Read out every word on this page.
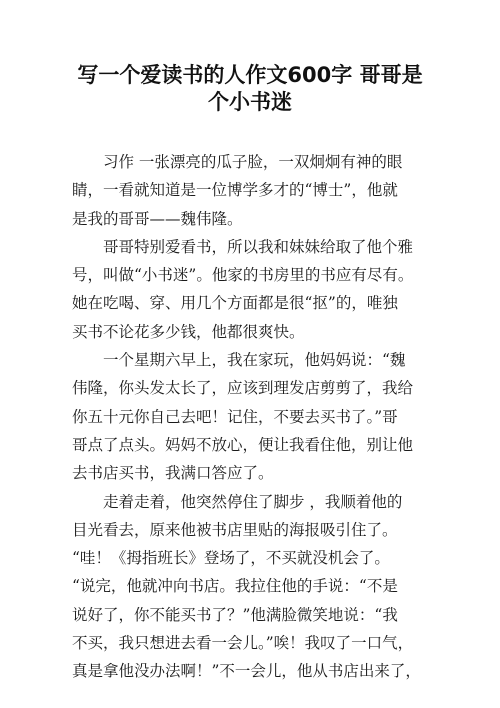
写一个爱读书的人作文600字 哥哥是
个小书迷
习作 一张漂亮的瓜子脸，一双炯炯有神的眼
睛，一看就知道是一位博学多才的“博士”，他就
是我的哥哥——魏伟隆。
哥哥特别爱看书，所以我和妹妹给取了他个雅
号，叫做“小书迷”。他家的书房里的书应有尽有。
她在吃喝、穿、用几个方面都是很“抠”的，唯独
买书不论花多少钱，他都很爽快。
一个星期六早上，我在家玩，他妈妈说：“魏
伟隆，你头发太长了，应该到理发店剪剪了，我给
你五十元你自己去吧！记住，不要去买书了。”哥
哥点了点头。妈妈不放心，便让我看住他，别让他
去书店买书，我满口答应了。
走着走着，他突然停住了脚步 ，我顺着他的
目光看去，原来他被书店里贴的海报吸引住了。
“哇！《拇指班长》登场了，不买就没机会了。
“说完，他就冲向书店。我拉住他的手说：“不是
说好了，你不能买书了？”他满脸微笑地说：“我
不买，我只想进去看一会儿。”唉！我叹了一口气，
真是拿他没办法啊！”不一会儿，他从书店出来了，
